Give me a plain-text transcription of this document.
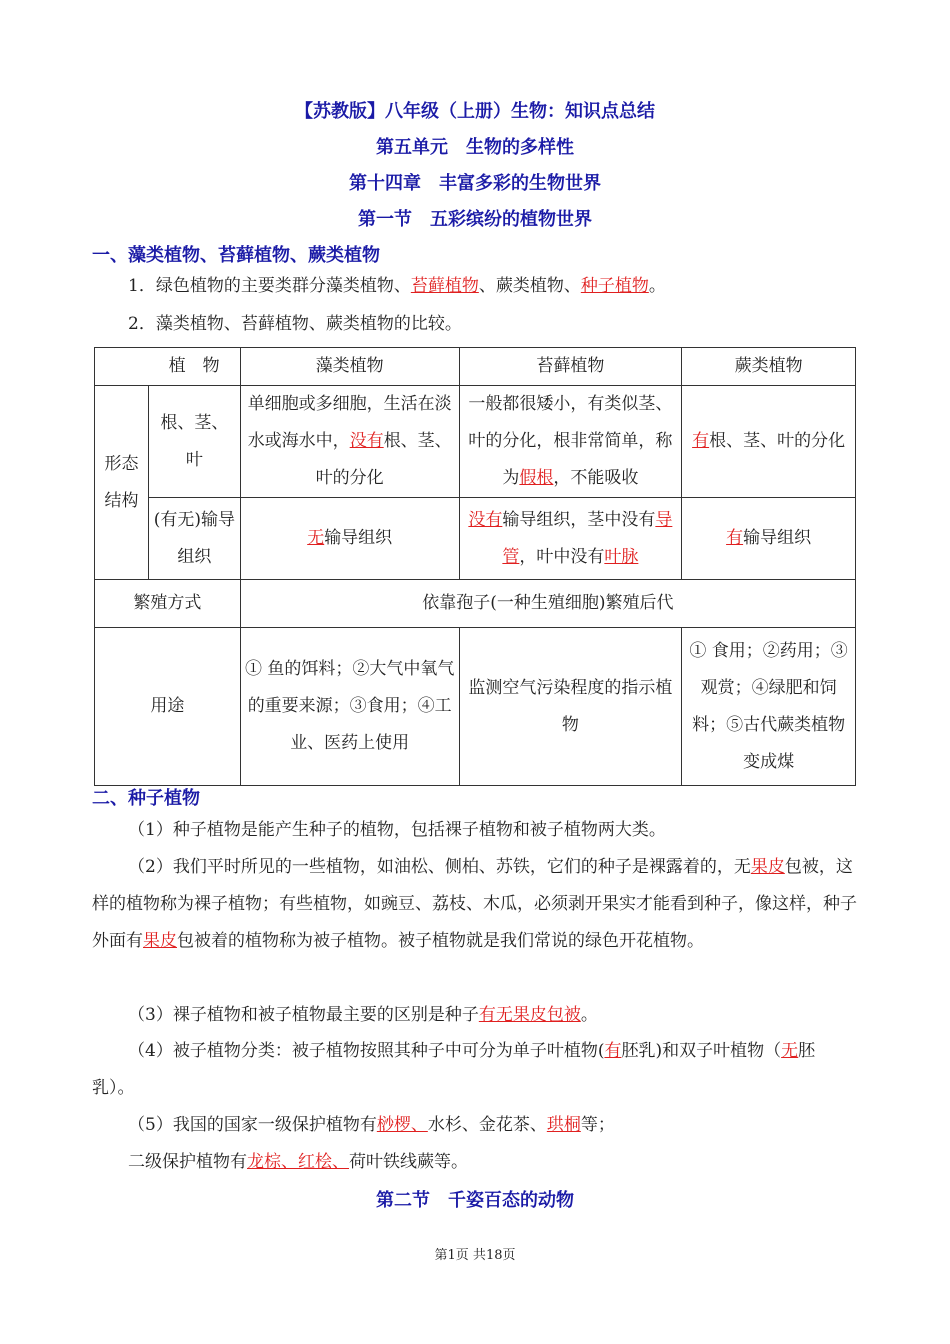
【苏教版】八年级（上册）生物：知识点总结
第五单元　生物的多样性
第十四章　丰富多彩的生物世界
第一节　五彩缤纷的植物世界
一、藻类植物、苔藓植物、蕨类植物
1．绿色植物的主要类群分藻类植物、苔藓植物、蕨类植物、种子植物。
2．藻类植物、苔藓植物、蕨类植物的比较。
	植　物	藻类植物	苔藓植物	蕨类植物
形态结构	根、茎、叶	单细胞或多细胞，生活在淡水或海水中，没有根、茎、叶的分化	一般都很矮小，有类似茎、叶的分化，根非常简单，称为假根，不能吸收	有根、茎、叶的分化
	(有无)输导组织	无输导组织	没有输导组织，茎中没有导管，叶中没有叶脉	有输导组织
繁殖方式		依靠孢子(一种生殖细胞)繁殖后代		
用途		① 鱼的饵料；②大气中氧气的重要来源；③食用；④工业、医药上使用	监测空气污染程度的指示植物	① 食用；②药用；③观赏；④绿肥和饲料；⑤古代蕨类植物变成煤
二、种子植物
（1）种子植物是能产生种子的植物，包括裸子植物和被子植物两大类。
（2）我们平时所见的一些植物，如油松、侧柏、苏铁，它们的种子是裸露着的，无果皮包被，这样的植物称为裸子植物；有些植物，如豌豆、荔枝、木瓜，必须剥开果实才能看到种子，像这样，种子外面有果皮包被着的植物称为被子植物。被子植物就是我们常说的绿色开花植物。
（3）裸子植物和被子植物最主要的区别是种子有无果皮包被。
（4）被子植物分类：被子植物按照其种子中可分为单子叶植物(有胚乳)和双子叶植物（无胚乳）。
（5）我国的国家一级保护植物有桫椤、水杉、金花茶、珙桐等；
二级保护植物有龙棕、红桧、荷叶铁线蕨等。
第二节　千姿百态的动物
第1页 共18页
